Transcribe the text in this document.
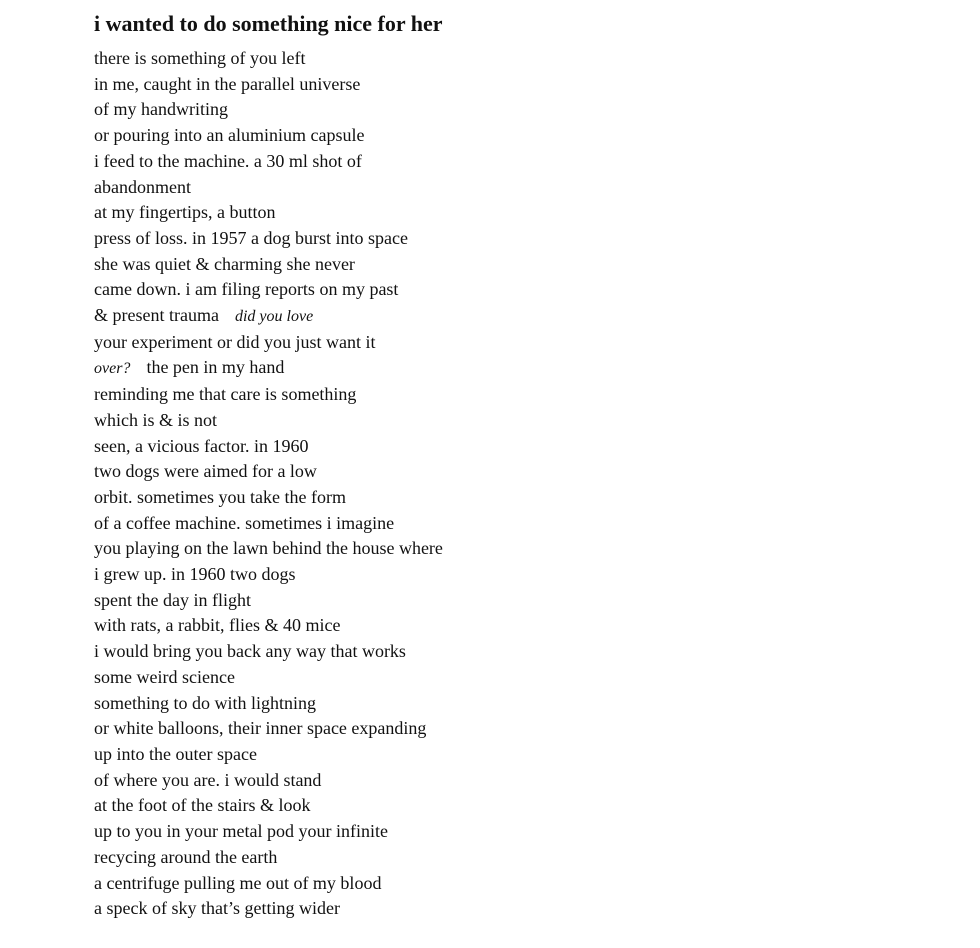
i wanted to do something nice for her
there is something of you left
in me, caught in the parallel universe
of my handwriting
or pouring into an aluminium capsule
i feed to the machine. a 30 ml shot of
abandonment
at my fingertips, a button
press of loss. in 1957 a dog burst into space
she was quiet & charming she never
came down. i am filing reports on my past
& present trauma did you love
your experiment or did you just want it
over? the pen in my hand
reminding me that care is something
which is & is not
seen, a vicious factor. in 1960
two dogs were aimed for a low
orbit. sometimes you take the form
of a coffee machine. sometimes i imagine
you playing on the lawn behind the house where
i grew up. in 1960 two dogs
spent the day in flight
with rats, a rabbit, flies & 40 mice
i would bring you back any way that works
some weird science
something to do with lightning
or white balloons, their inner space expanding
up into the outer space
of where you are. i would stand
at the foot of the stairs & look
up to you in your metal pod your infinite
recycing around the earth
a centrifuge pulling me out of my blood
a speck of sky that’s getting wider
